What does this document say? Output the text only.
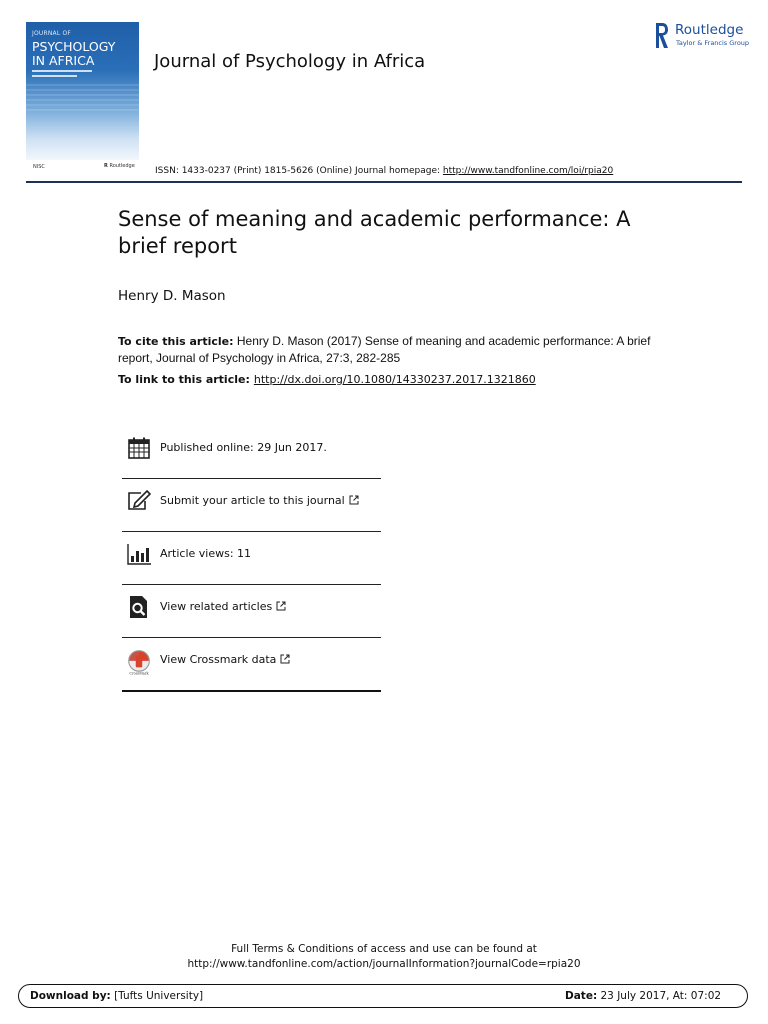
JOURNAL OF
PSYCHOLOGY
IN AFRICA
NISC	R Routledge
Journal of Psychology in Africa
Routledge
Taylor & Francis Group
ISSN: 1433-0237 (Print) 1815-5626 (Online) Journal homepage: http://www.tandfonline.com/loi/rpia20
Sense of meaning and academic performance: A brief report
Henry D. Mason
To cite this article: Henry D. Mason (2017) Sense of meaning and academic performance: A brief report, Journal of Psychology in Africa, 27:3, 282-285
To link to this article: http://dx.doi.org/10.1080/14330237.2017.1321860
Published online: 29 Jun 2017.
Submit your article to this journal
Article views: 11
View related articles
CrossMark
View Crossmark data
Full Terms & Conditions of access and use can be found at
http://www.tandfonline.com/action/journalInformation?journalCode=rpia20
Download by: [Tufts University]	Date: 23 July 2017, At: 07:02
